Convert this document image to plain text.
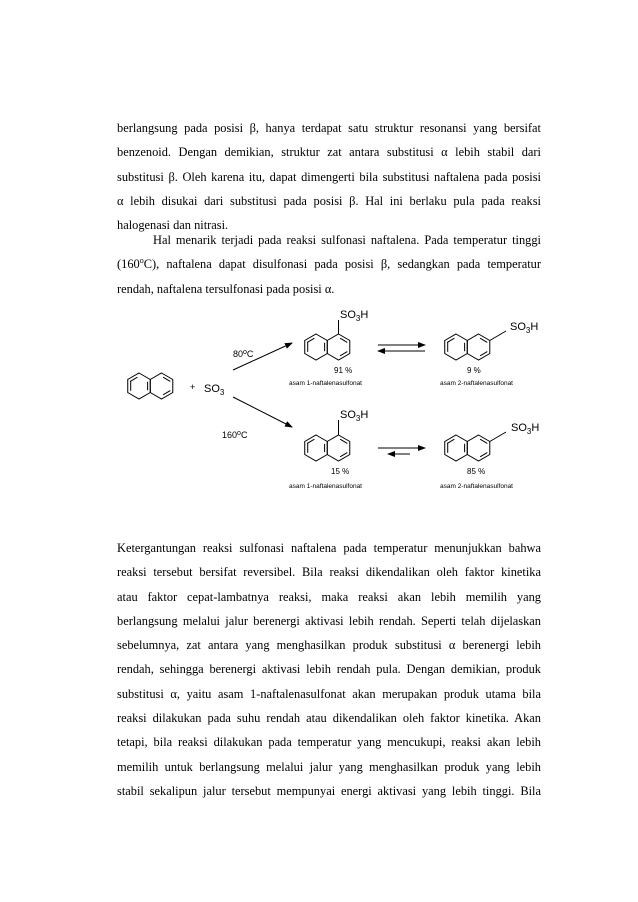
berlangsung pada posisi β, hanya terdapat satu struktur resonansi yang bersifat
benzenoid. Dengan demikian, struktur zat antara substitusi α lebih stabil dari
substitusi β. Oleh karena itu, dapat dimengerti bila substitusi naftalena pada posisi
α lebih disukai dari substitusi pada posisi β. Hal ini berlaku pula pada reaksi
halogenasi dan nitrasi.
Hal menarik terjadi pada reaksi sulfonasi naftalena. Pada temperatur tinggi
(160$^o$C), naftalena dapat disulfonasi pada posisi β, sedangkan pada temperatur
rendah, naftalena tersulfonasi pada posisi α.
+ $SO_3$
80$^o$C
160$^o$C
$SO_3H$
91 %
asam 1-naftalenasulfonat
$SO_3H$
9 %
asam 2-naftalenasulfonat
$SO_3H$
15 %
asam 1-naftalenasulfonat
$SO_3H$
85 %
asam 2-naftalenasulfonat
Ketergantungan reaksi sulfonasi naftalena pada temperatur menunjukkan bahwa
reaksi tersebut bersifat reversibel. Bila reaksi dikendalikan oleh faktor kinetika
atau faktor cepat-lambatnya reaksi, maka reaksi akan lebih memilih yang
berlangsung melalui jalur berenergi aktivasi lebih rendah. Seperti telah dijelaskan
sebelumnya, zat antara yang menghasilkan produk substitusi α berenergi lebih
rendah, sehingga berenergi aktivasi lebih rendah pula. Dengan demikian, produk
substitusi α, yaitu asam 1-naftalenasulfonat akan merupakan produk utama bila
reaksi dilakukan pada suhu rendah atau dikendalikan oleh faktor kinetika. Akan
tetapi, bila reaksi dilakukan pada temperatur yang mencukupi, reaksi akan lebih
memilih untuk berlangsung melalui jalur yang menghasilkan produk yang lebih
stabil sekalipun jalur tersebut mempunyai energi aktivasi yang lebih tinggi. Bila
